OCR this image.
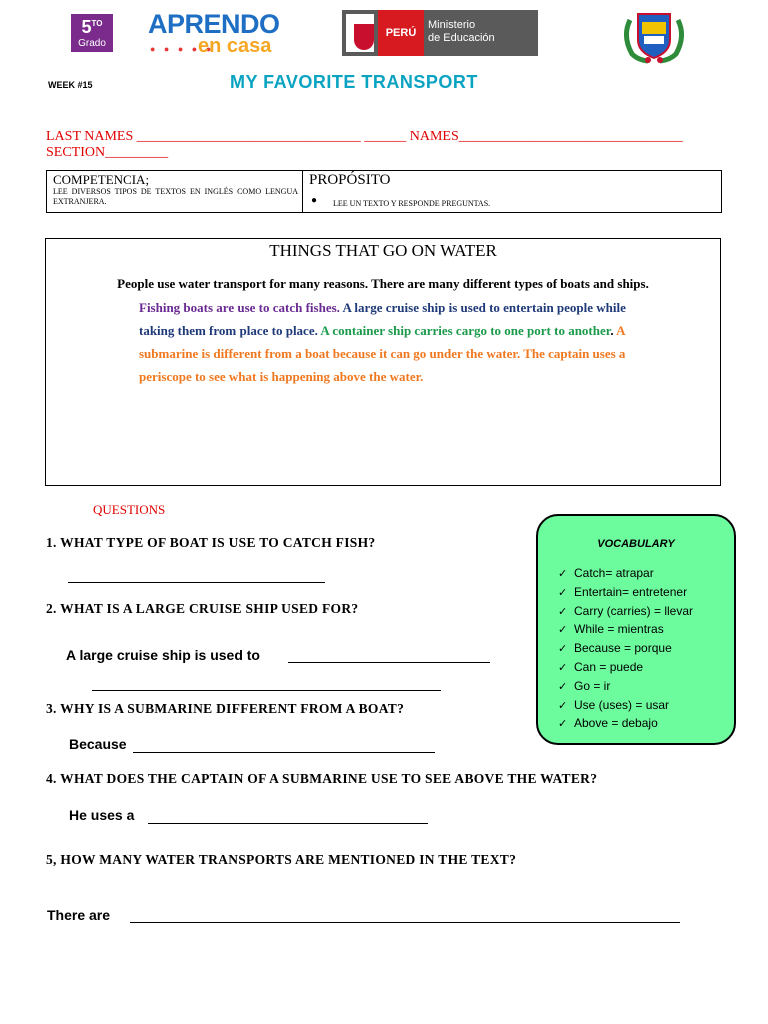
$5^{TO}$
Grado
APRENDO
● ● ● ● ●
en casa
PERÚ
Ministerio
de Educación
WEEK #15	MY FAVORITE TRANSPORT
LAST NAMES ________________________________ ______ NAMES________________________________
SECTION_________
COMPETENCIA;
LEE DIVERSOS TIPOS DE TEXTOS EN INGLÉS COMO LENGUA EXTRANJERA.
PROPÓSITO
● LEE UN TEXTO Y RESPONDE PREGUNTAS.
THINGS THAT GO ON WATER
People use water transport for many reasons. There are many different types of boats and ships.
Fishing boats are use to catch fishes. A large cruise ship is used to entertain people while
taking them from place to place. A container ship carries cargo to one port to another. A
submarine is different from a boat because it can go under the water. The captain uses a
periscope to see what is happening above the water.
QUESTIONS
1. WHAT TYPE OF BOAT IS USE TO CATCH FISH?
2. WHAT IS A LARGE CRUISE SHIP USED FOR?
A large cruise ship is used to
3. WHY IS A SUBMARINE DIFFERENT FROM A BOAT?
Because
4. WHAT DOES THE CAPTAIN OF A SUBMARINE USE TO SEE ABOVE THE WATER?
He uses a
5, HOW MANY WATER TRANSPORTS ARE MENTIONED IN THE TEXT?
There are
VOCABULARY
✓ Catch= atrapar
✓ Entertain= entretener
✓ Carry (carries) = llevar
✓ While = mientras
✓ Because = porque
✓ Can = puede
✓ Go = ir
✓ Use (uses) = usar
✓ Above = debajo
